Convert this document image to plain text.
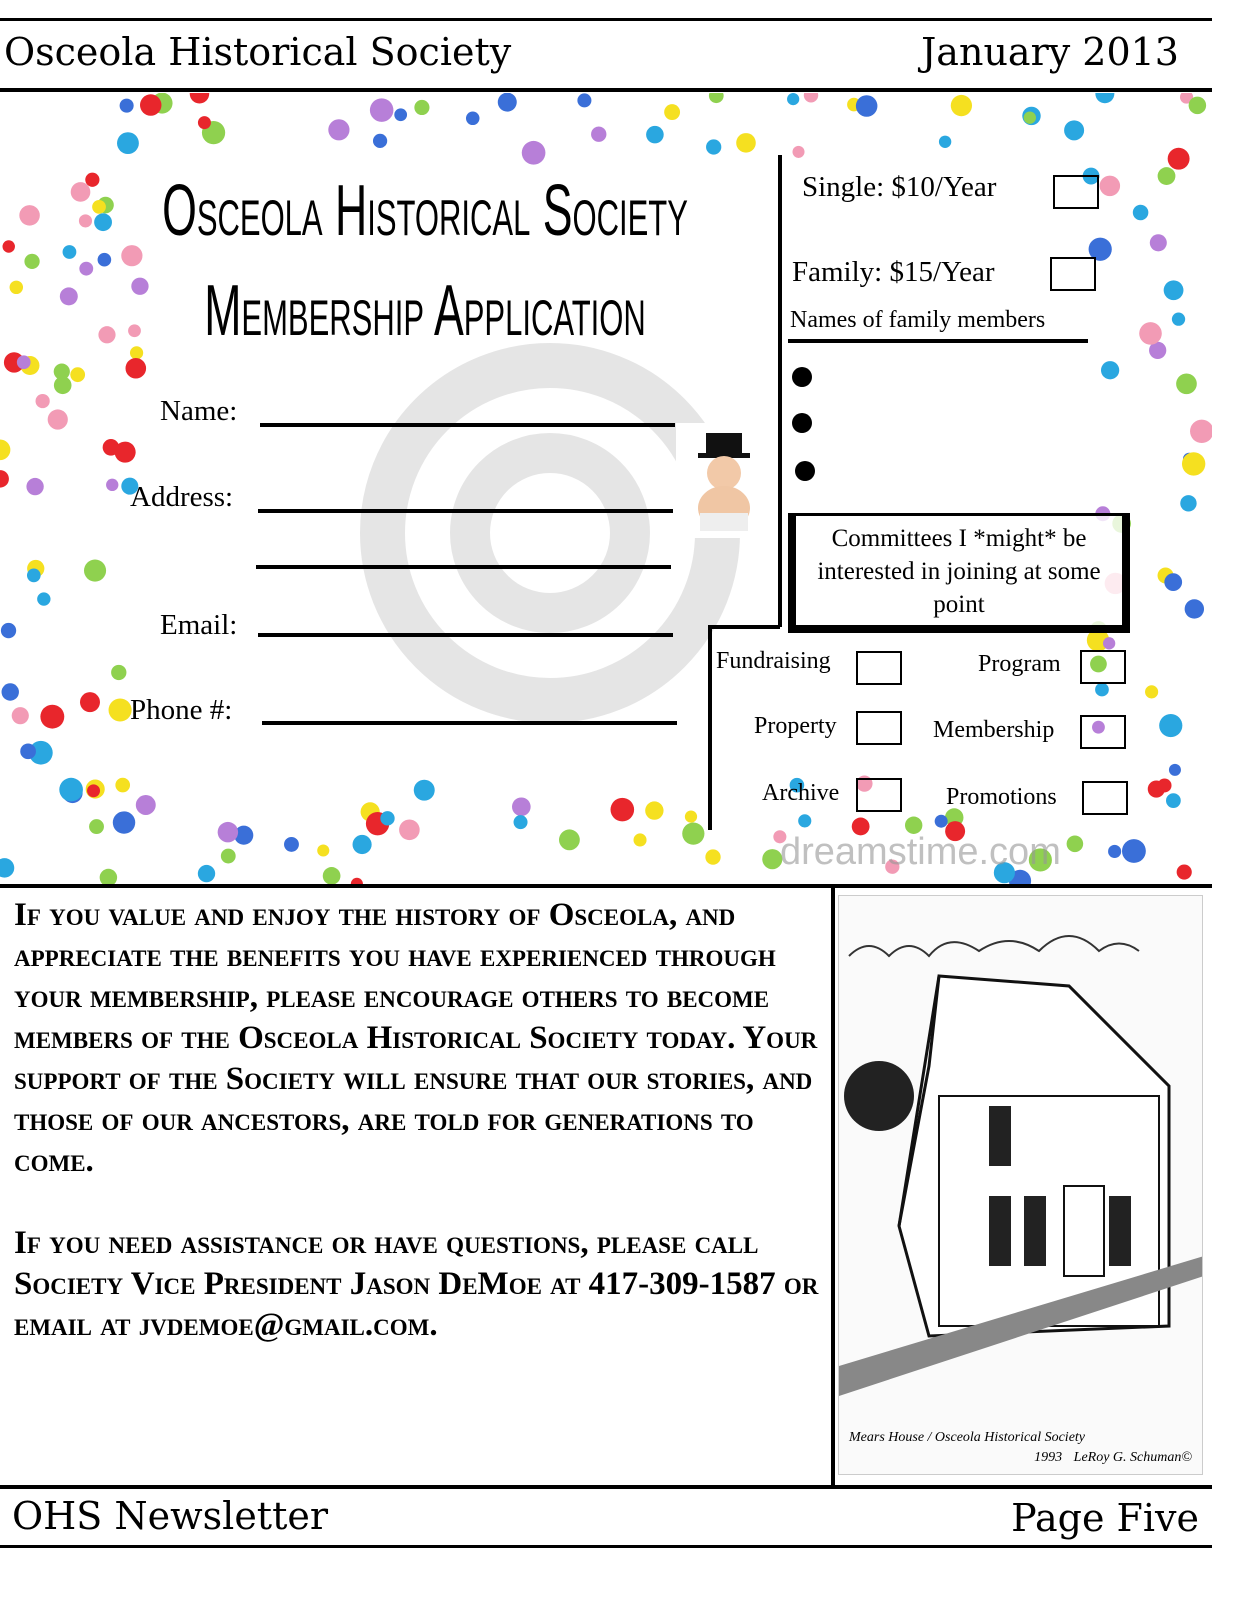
Osceola Historical Society	January 2013
Osceola Historical Society
Membership Application
Name:
Address:
Email:
Phone #:
Single: $10/Year
Family: $15/Year
Names of family members
Committees I *might* be interested in joining at some point
Fundraising	Program
Property	Membership
Archive	Promotions
dreamstime.com

If you value and enjoy the history of Osceola, and appreciate the benefits you have experienced through your membership, please encourage others to become members of the Osceola Historical Society today. Your support of the Society will ensure that our stories, and those of our ancestors, are told for generations to come.

If you need assistance or have questions, please call Society Vice President Jason DeMoe at 417-309-1587 or email at jvdemoe@gmail.com.

Mears House / Osceola Historical Society
1993 LeRoy G. Schuman©
OHS Newsletter	Page Five
